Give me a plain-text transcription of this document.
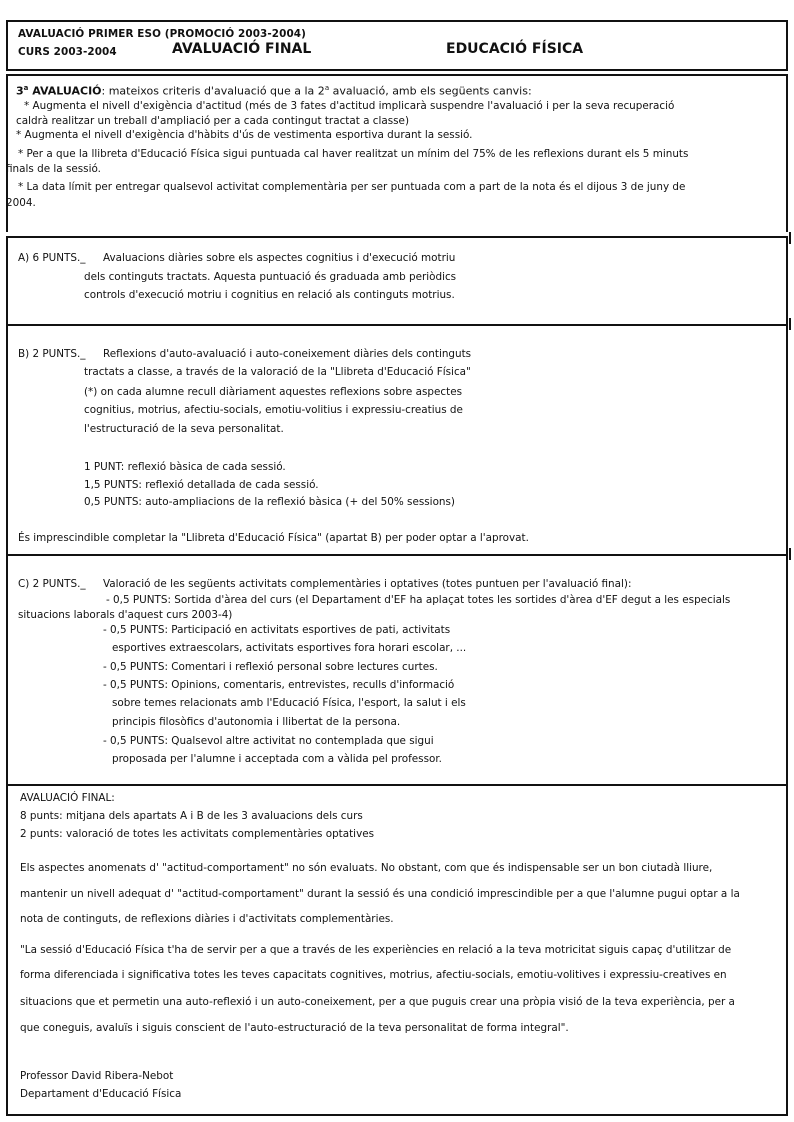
AVALUACIÓ PRIMER ESO (PROMOCIÓ 2003-2004)
CURS 2003-2004	AVALUACIÓ FINAL	EDUCACIÓ FÍSICA
3$^a$ AVALUACIÓ: mateixos criteris d'avaluació que a la 2$^a$ avaluació, amb els següents canvis:
* Augmenta el nivell d'exigència d'actitud (més de 3 fates d'actitud implicarà suspendre l'avaluació i per la seva recuperació
caldrà realitzar un treball d'ampliació per a cada contingut tractat a classe)
* Augmenta el nivell d'exigència d'hàbits d'ús de vestimenta esportiva durant la sessió.
* Per a que la llibreta d'Educació Física sigui puntuada cal haver realitzat un mínim del 75% de les reflexions durant els 5 minuts
finals de la sessió.
* La data límit per entregar qualsevol activitat complementària per ser puntuada com a part de la nota és el dijous 3 de juny de
2004.
A) 6 PUNTS._ Avaluacions diàries sobre els aspectes cognitius i d'execució motriu
dels continguts tractats. Aquesta puntuació és graduada amb periòdics
controls d'execució motriu i cognitius en relació als continguts motrius.
B) 2 PUNTS._ Reflexions d'auto-avaluació i auto-coneixement diàries dels continguts
tractats a classe, a través de la valoració de la "Llibreta d'Educació Física"
(*) on cada alumne recull diàriament aquestes reflexions sobre aspectes
cognitius, motrius, afectiu-socials, emotiu-volitius i expressiu-creatius de
l'estructuració de la seva personalitat.
1 PUNT: reflexió bàsica de cada sessió.
1,5 PUNTS: reflexió detallada de cada sessió.
0,5 PUNTS: auto-ampliacions de la reflexió bàsica (+ del 50% sessions)
És imprescindible completar la "Llibreta d'Educació Física" (apartat B) per poder optar a l'aprovat.
C) 2 PUNTS._ Valoració de les següents activitats complementàries i optatives (totes puntuen per l'avaluació final):
- 0,5 PUNTS: Sortida d'àrea del curs (el Departament d'EF ha aplaçat totes les sortides d'àrea d'EF degut a les especials
situacions laborals d'aquest curs 2003-4)
- 0,5 PUNTS: Participació en activitats esportives de pati, activitats
esportives extraescolars, activitats esportives fora horari escolar, ...
- 0,5 PUNTS: Comentari i reflexió personal sobre lectures curtes.
- 0,5 PUNTS: Opinions, comentaris, entrevistes, reculls d'informació
sobre temes relacionats amb l'Educació Física, l'esport, la salut i els
principis filosòfics d'autonomia i llibertat de la persona.
- 0,5 PUNTS: Qualsevol altre activitat no contemplada que sigui
proposada per l'alumne i acceptada com a vàlida pel professor.
AVALUACIÓ FINAL:
8 punts: mitjana dels apartats A i B de les 3 avaluacions dels curs
2 punts: valoració de totes les activitats complementàries optatives
Els aspectes anomenats d' "actitud-comportament" no són evaluats. No obstant, com que és indispensable ser un bon ciutadà lliure,
mantenir un nivell adequat d' "actitud-comportament" durant la sessió és una condició imprescindible per a que l'alumne pugui optar a la
nota de continguts, de reflexions diàries i d'activitats complementàries.
"La sessió d'Educació Física t'ha de servir per a que a través de les experiències en relació a la teva motricitat siguis capaç d'utilitzar de
forma diferenciada i significativa totes les teves capacitats cognitives, motrius, afectiu-socials, emotiu-volitives i expressiu-creatives en
situacions que et permetin una auto-reflexió i un auto-coneixement, per a que puguis crear una pròpia visió de la teva experiència, per a
que coneguis, avaluïs i siguis conscient de l'auto-estructuració de la teva personalitat de forma integral".
Professor David Ribera-Nebot
Departament d'Educació Física
